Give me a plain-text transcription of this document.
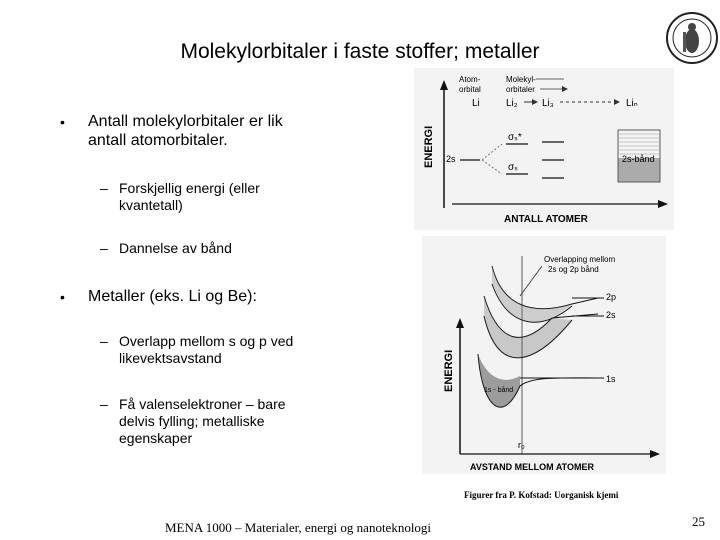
Molekylorbitaler i faste stoffer; metaller
• Antall molekylorbitaler er lik
antall atomorbitaler.
– Forskjellig energi (eller
kvantetall)
– Dannelse av bånd
• Metaller (eks. Li og Be):
– Overlapp mellom s og p ved
likevektsavstand
– Få valenselektroner – bare
delvis fylling; metalliske
egenskaper
ENERGI
ANTALL ATOMER
Atom-
orbital
Molekyl-
orbitaler
Li	Li₂ Li₃	Liₙ
2s
σₛ*
σₛ
2s-bånd
ENERGI
AVSTAND MELLOM ATOMER
r₀
Overlapping mellom
2s og 2p bånd
2p
2s
1s
1s - bånd
Figurer fra P. Kofstad: Uorganisk kjemi
MENA 1000 – Materialer, energi og nanoteknologi	25
